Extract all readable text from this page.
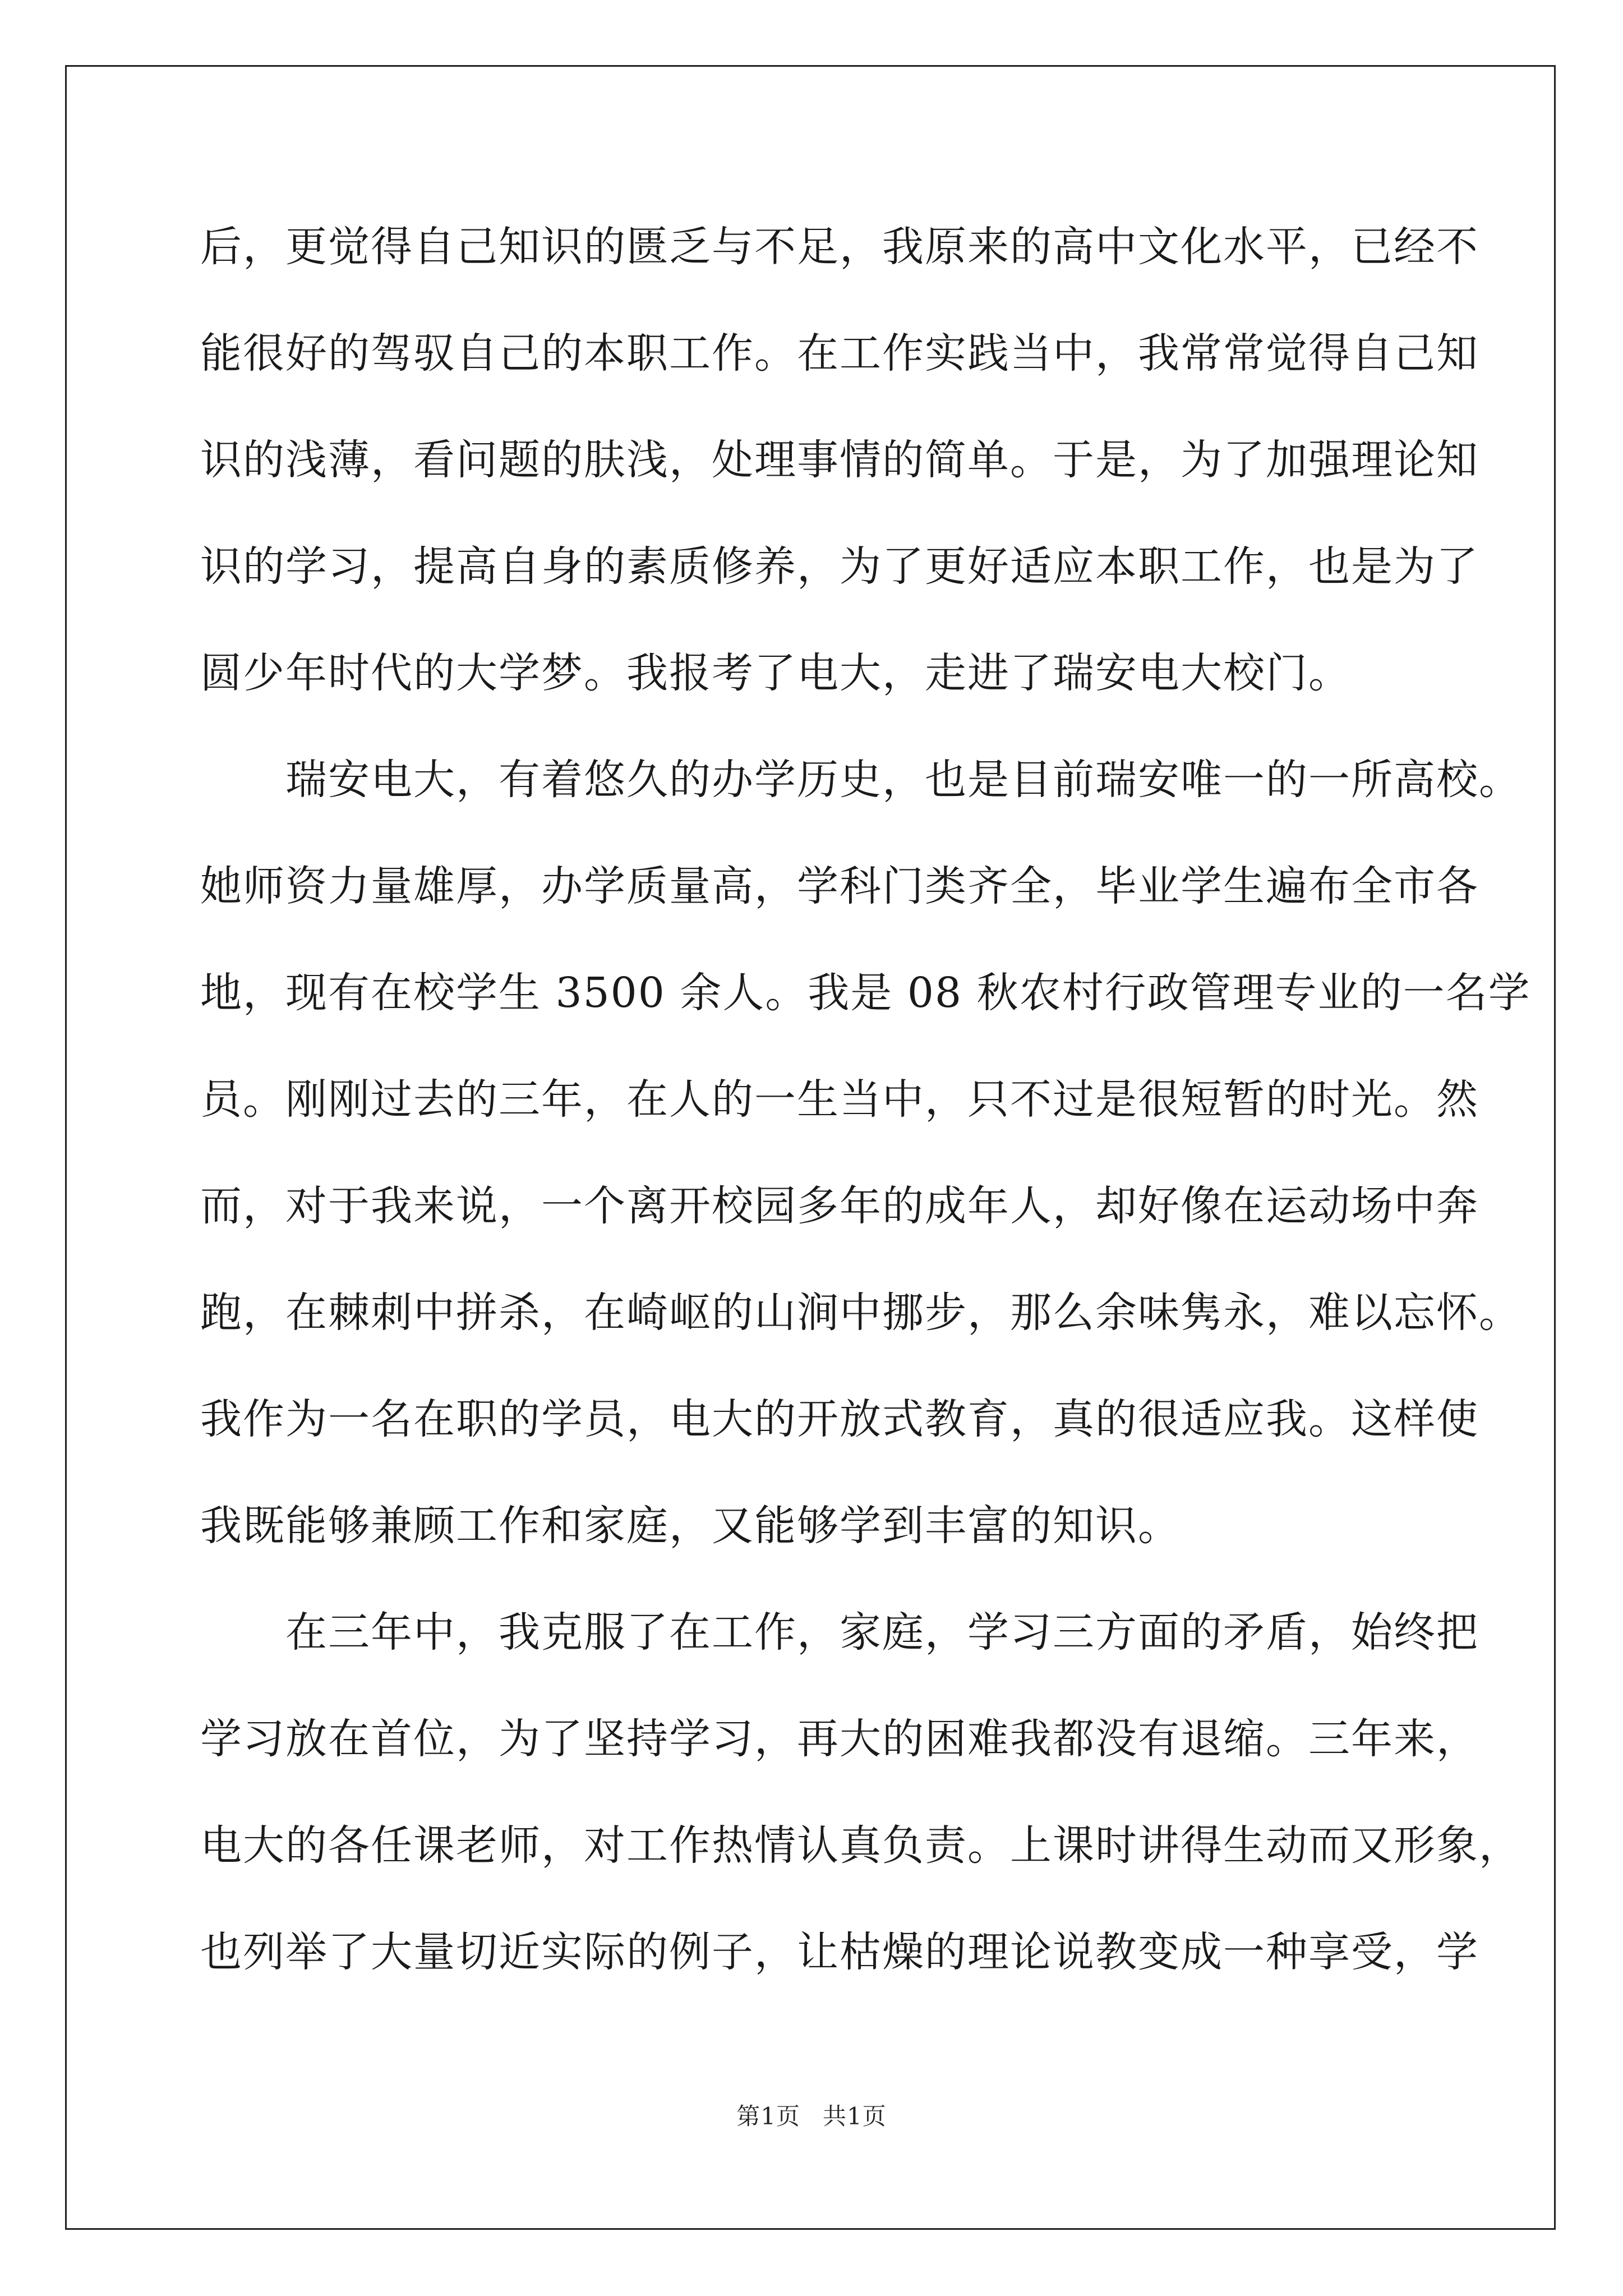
后，更觉得自己知识的匮乏与不足，我原来的高中文化水平，已经不
能很好的驾驭自己的本职工作。在工作实践当中，我常常觉得自己知
识的浅薄，看问题的肤浅，处理事情的简单。于是，为了加强理论知
识的学习，提高自身的素质修养，为了更好适应本职工作，也是为了
圆少年时代的大学梦。我报考了电大，走进了瑞安电大校门。
　　瑞安电大，有着悠久的办学历史，也是目前瑞安唯一的一所高校。
她师资力量雄厚，办学质量高，学科门类齐全，毕业学生遍布全市各
地，现有在校学生 3500 余人。我是 08 秋农村行政管理专业的一名学
员。刚刚过去的三年，在人的一生当中，只不过是很短暂的时光。然
而，对于我来说，一个离开校园多年的成年人，却好像在运动场中奔
跑，在棘刺中拼杀，在崎岖的山涧中挪步，那么余味隽永，难以忘怀。
我作为一名在职的学员，电大的开放式教育，真的很适应我。这样使
我既能够兼顾工作和家庭，又能够学到丰富的知识。
　　在三年中，我克服了在工作，家庭，学习三方面的矛盾，始终把
学习放在首位，为了坚持学习，再大的困难我都没有退缩。三年来，
电大的各任课老师，对工作热情认真负责。上课时讲得生动而又形象，
也列举了大量切近实际的例子，让枯燥的理论说教变成一种享受，学
第1页 共1页
